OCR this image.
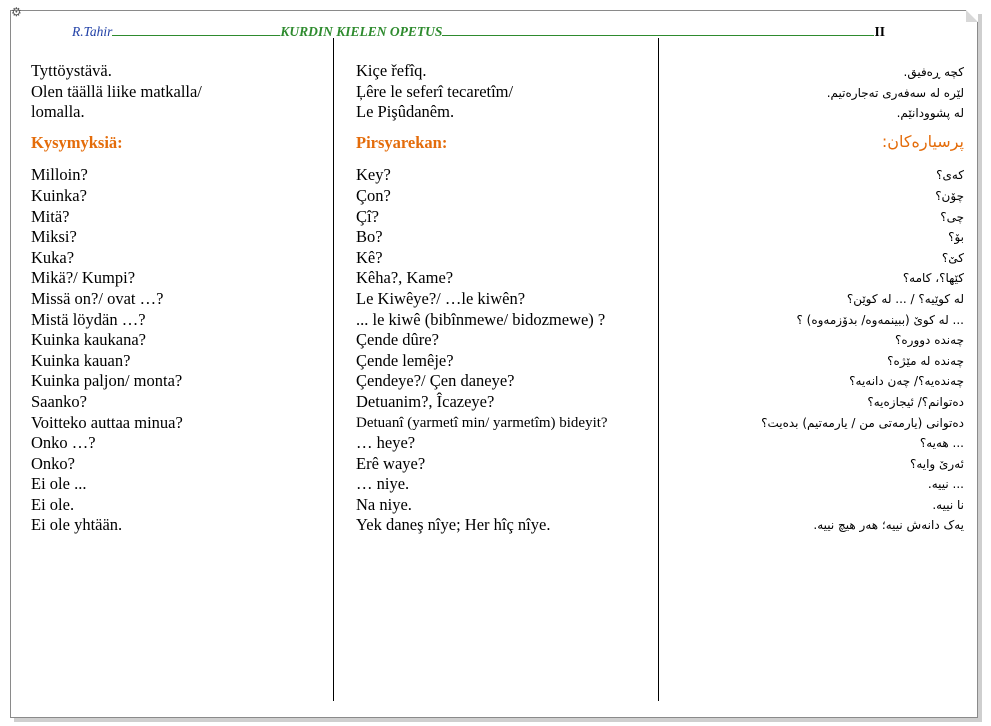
⚙
R.Tahir	KURDIN KIELEN OPETUS	II
Tyttöystävä.
Olen täällä liike matkalla/
lomalla.
Kysymyksiä:
Milloin?
Kuinka?
Mitä?
Miksi?
Kuka?
Mikä?/ Kumpi?
Missä on?/ ovat …?
Mistä löydän …?
Kuinka kaukana?
Kuinka kauan?
Kuinka paljon/ monta?
Saanko?
Voitteko auttaa minua?
Onko …?
Onko?
Ei ole ...
Ei ole.
Ei ole yhtään.
Kiçe řefîq.
Ļêre le seferî tecaretîm/
Le Pişûdanêm.
Pirsyarekan:
Key?
Çon?
Çî?
Bo?
Kê?
Kêha?, Kame?
Le Kiwêye?/ …le kiwên?
... le kiwê (bibînmewe/ bidozmewe) ?
Çende dûre?
Çende lemêje?
Çendeye?/ Çen daneye?
Detuanim?, Îcazeye?
Detuanî (yarmetî min/ yarmetîm) bideyit?
… heye?
Erê waye?
… niye.
Na niye.
Yek daneş nîye; Her hîç nîye.
کچە ڕەفیق.
لێرە لە سەفەری تەجارەتیم.
لە پشوودانێم.
پرسیارەکان:
کەی؟
چۆن؟
چی؟
بۆ؟
کێ؟
کێها؟، کامە؟
لە کوێیە؟ / ... لە کوێن؟
... لە کوێ (ببینمەوە/ بدۆزمەوە) ؟
چەندە دوورە؟
چەندە لە مێژە؟
چەندەیە؟/ چەن دانەیە؟
دەتوانم؟/ ئیجازەیە؟
دەتوانی (یارمەتی من / یارمەتیم) بدەیت؟
... هەیە؟
ئەرێ وایە؟
... نییە.
نا نییە.
یەک دانەش نییە؛ هەر هیچ نییە.
